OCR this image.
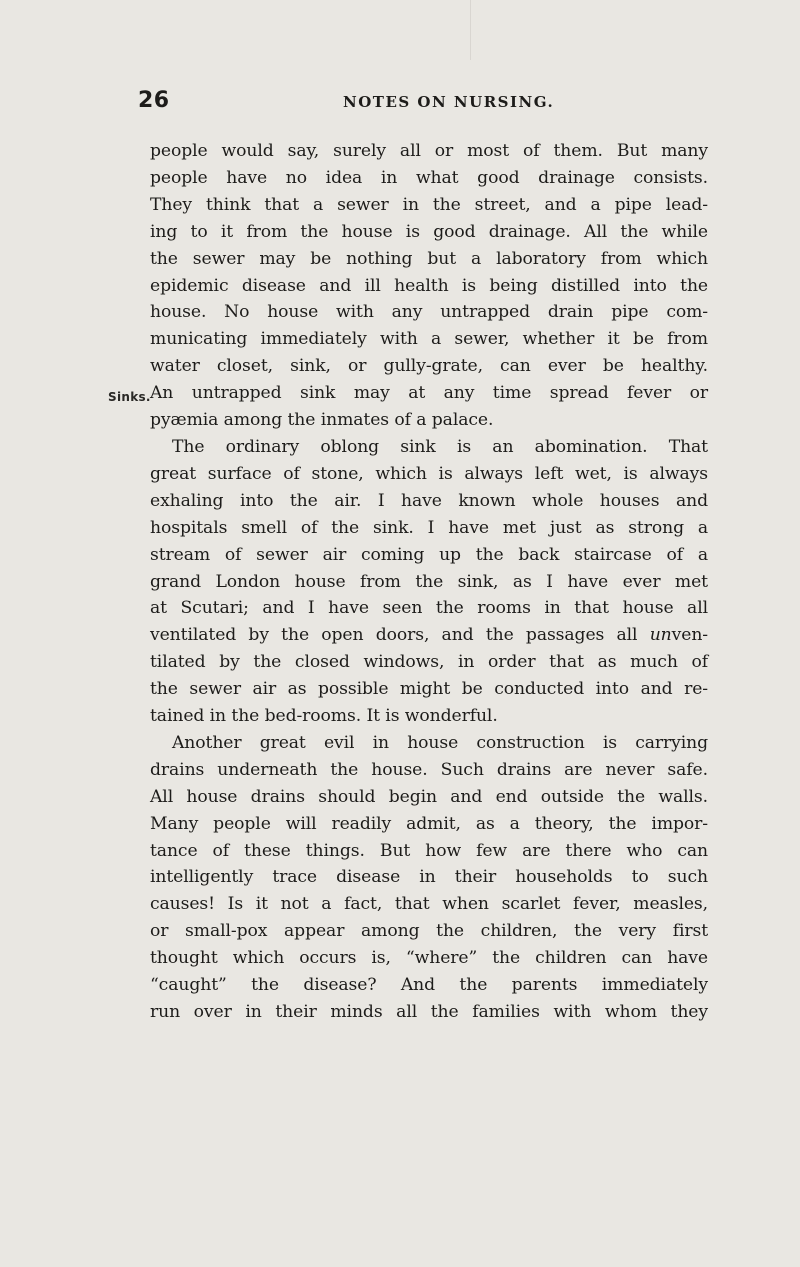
26	NOTES ON NURSING.
Sinks.
people would say, surely all or most of them. But many
people have no idea in what good drainage consists.
They think that a sewer in the street, and a pipe lead-
ing to it from the house is good drainage. All the while
the sewer may be nothing but a laboratory from which
epidemic disease and ill health is being distilled into the
house. No house with any untrapped drain pipe com-
municating immediately with a sewer, whether it be from
water closet, sink, or gully-grate, can ever be healthy.
An untrapped sink may at any time spread fever or
pyæmia among the inmates of a palace.
The ordinary oblong sink is an abomination. That
great surface of stone, which is always left wet, is always
exhaling into the air. I have known whole houses and
hospitals smell of the sink. I have met just as strong a
stream of sewer air coming up the back staircase of a
grand London house from the sink, as I have ever met
at Scutari; and I have seen the rooms in that house all
ventilated by the open doors, and the passages all unven-
tilated by the closed windows, in order that as much of
the sewer air as possible might be conducted into and re-
tained in the bed-rooms. It is wonderful.
Another great evil in house construction is carrying
drains underneath the house. Such drains are never safe.
All house drains should begin and end outside the walls.
Many people will readily admit, as a theory, the impor-
tance of these things. But how few are there who can
intelligently trace disease in their households to such
causes! Is it not a fact, that when scarlet fever, measles,
or small-pox appear among the children, the very first
thought which occurs is, “where” the children can have
“caught” the disease? And the parents immediately
run over in their minds all the families with whom they
